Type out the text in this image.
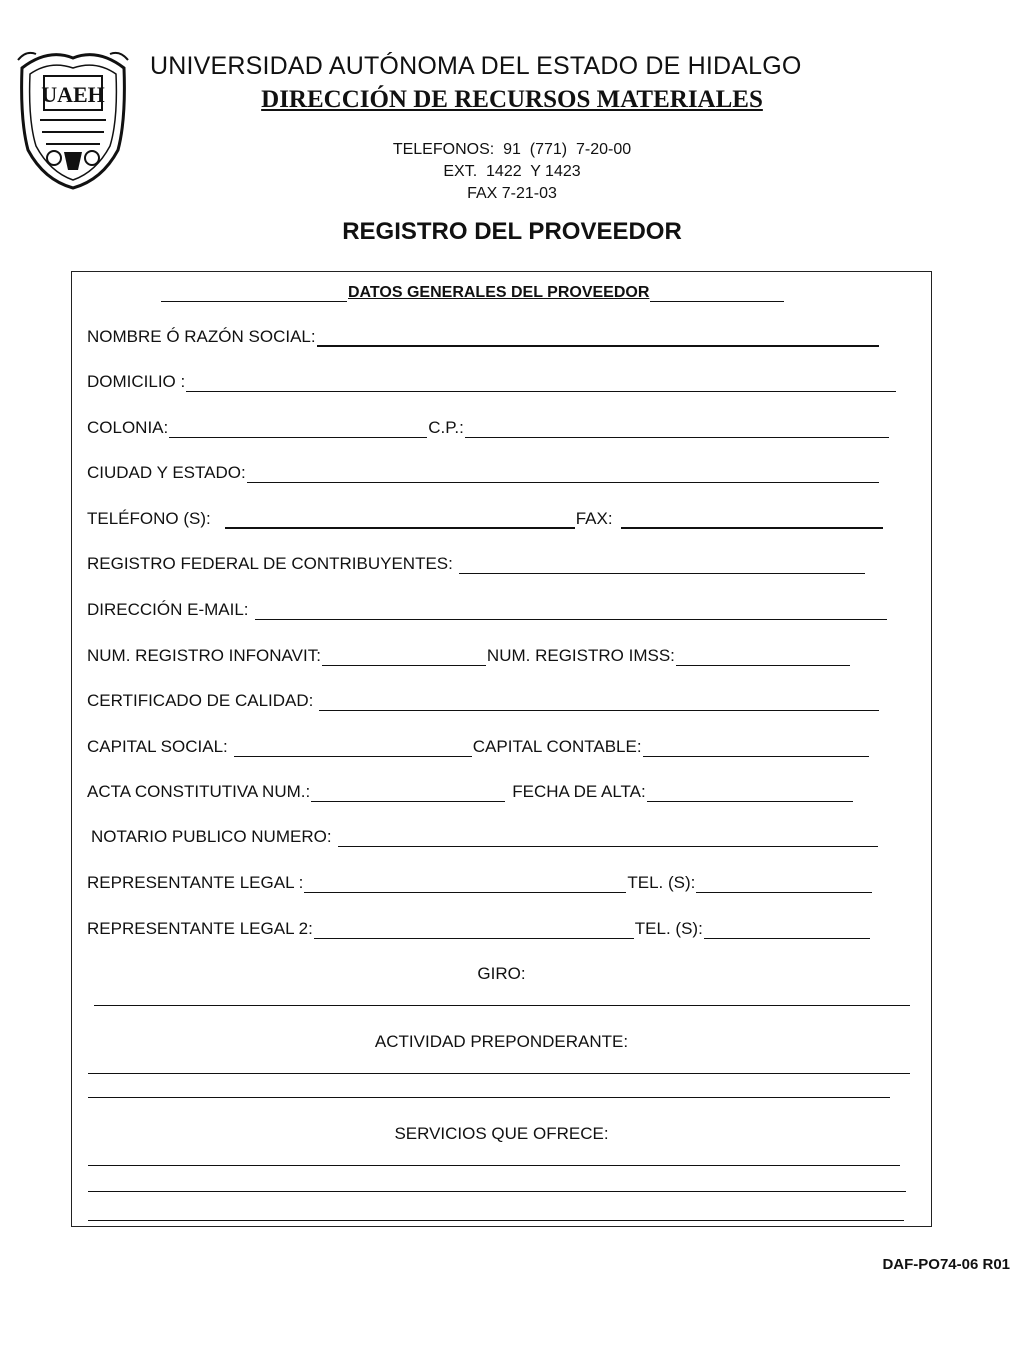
UAEH
UNIVERSIDAD AUTÓNOMA DEL ESTADO DE HIDALGO
DIRECCIÓN DE RECURSOS MATERIALES
TELEFONOS:  91  (771)  7-20-00
EXT.  1422  Y 1423
FAX 7-21-03
REGISTRO DEL PROVEEDOR
DATOS GENERALES DEL PROVEEDOR
NOMBRE Ó RAZÓN SOCIAL:
DOMICILIO :
COLONIA:	C.P.:
CIUDAD Y ESTADO:
TELÉFONO (S):	FAX:
REGISTRO FEDERAL DE CONTRIBUYENTES:
DIRECCIÓN E-MAIL:
NUM. REGISTRO INFONAVIT:	NUM. REGISTRO IMSS:
CERTIFICADO DE CALIDAD:
CAPITAL SOCIAL:	CAPITAL CONTABLE:
ACTA CONSTITUTIVA NUM.:	FECHA DE ALTA:
NOTARIO PUBLICO NUMERO:
REPRESENTANTE LEGAL :	TEL. (S):
REPRESENTANTE LEGAL 2:	TEL. (S):
GIRO:
ACTIVIDAD PREPONDERANTE:
SERVICIOS QUE OFRECE:
DAF-PO74-06 R01
